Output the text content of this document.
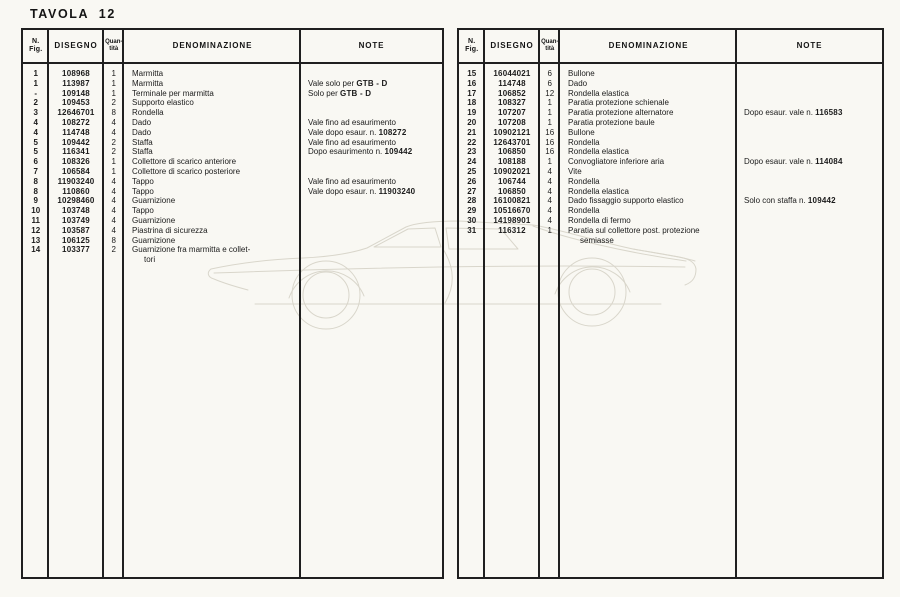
TAVOLA  12
N.
Fig. DISEGNO Quan-
tità	DENOMINAZIONE	NOTE
1	108968	1	Marmitta
1	113987	1	Marmitta	Vale solo per GTB - D
-	109148	1	Terminale per marmitta	Solo per GTB - D
2	109453	2	Supporto elastico
3	12646701	8	Rondella
4	108272	4	Dado	Vale fino ad esaurimento
4	114748	4	Dado	Vale dopo esaur. n. 108272
5	109442	2	Staffa	Vale fino ad esaurimento
5	116341	2	Staffa	Dopo esaurimento n. 109442
6	108326	1	Collettore di scarico anteriore
7	106584	1	Collettore di scarico posteriore
8	11903240	4	Tappo	Vale fino ad esaurimento
8	110860	4	Tappo	Vale dopo esaur. n. 11903240
9	10298460	4	Guarnizione
10	103748	4	Tappo
11	103749	4	Guarnizione
12	103587	4	Piastrina di sicurezza
13	106125	8	Guarnizione
14	103377	2	Guarnizione fra marmitta e collet-
tori
N.
Fig. DISEGNO Quan-
tità	DENOMINAZIONE	NOTE
15	16044021	6	Bullone
16	114748	6	Dado
17	106852	12	Rondella elastica
18	108327	1	Paratia protezione schienale
19	107207	1	Paratia protezione alternatore	Dopo esaur. vale n. 116583
20	107208	1	Paratia protezione baule
21	10902121	16	Bullone
22	12643701	16	Rondella
23	106850	16	Rondella elastica
24	108188	1	Convogliatore inferiore aria	Dopo esaur. vale n. 114084
25	10902021	4	Vite
26	106744	4	Rondella
27	106850	4	Rondella elastica
28	16100821	4	Dado fissaggio supporto elastico	Solo con staffa n. 109442
29	10516670	4	Rondella
30	14198901	4	Rondella di fermo
31	116312	1	Paratia sul collettore post. protezione
semiasse
